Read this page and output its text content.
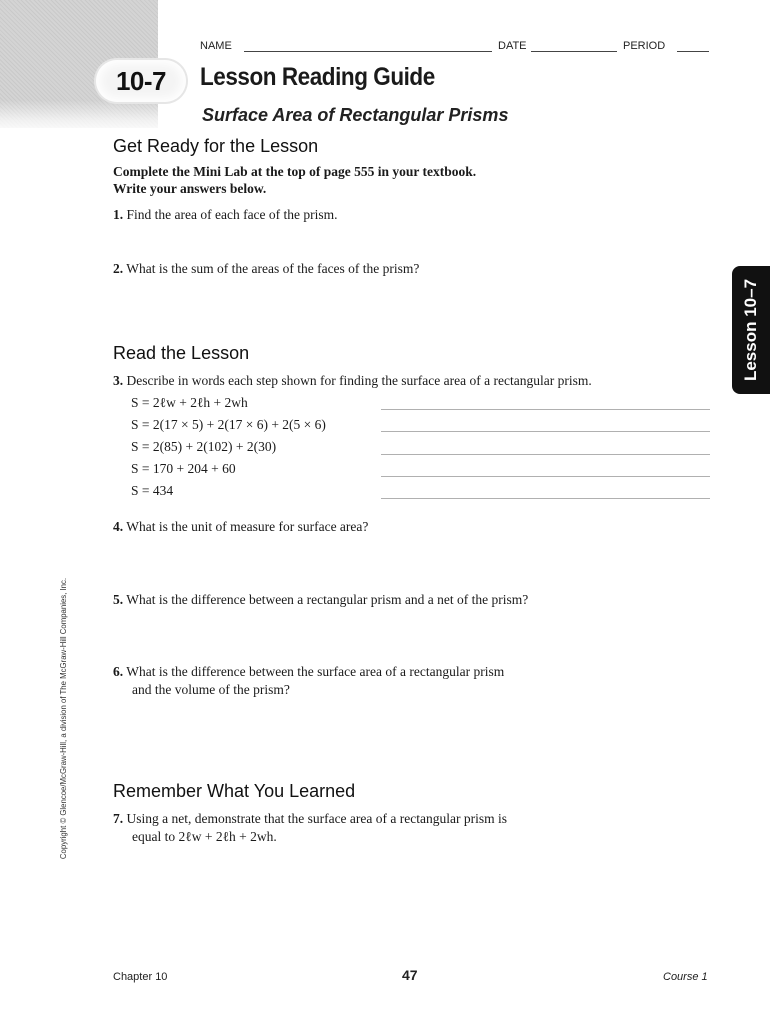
NAME	DATE	PERIOD
10-7 Lesson Reading Guide
Surface Area of Rectangular Prisms
Get Ready for the Lesson
Complete the Mini Lab at the top of page 555 in your textbook.
Write your answers below.
1. Find the area of each face of the prism.
2. What is the sum of the areas of the faces of the prism?
Read the Lesson
3. Describe in words each step shown for finding the surface area of a rectangular prism.
S = 2ℓw + 2ℓh + 2wh
S = 2(17 × 5) + 2(17 × 6) + 2(5 × 6)
S = 2(85) + 2(102) + 2(30)
S = 170 + 204 + 60
S = 434
4. What is the unit of measure for surface area?
5. What is the difference between a rectangular prism and a net of the prism?
6. What is the difference between the surface area of a rectangular prism
and the volume of the prism?
Remember What You Learned
7. Using a net, demonstrate that the surface area of a rectangular prism is
equal to 2ℓw + 2ℓh + 2wh.
Lesson 10–7
Copyright © Glencoe/McGraw-Hill, a division of The McGraw-Hill Companies, Inc.
Chapter 10	47	Course 1
